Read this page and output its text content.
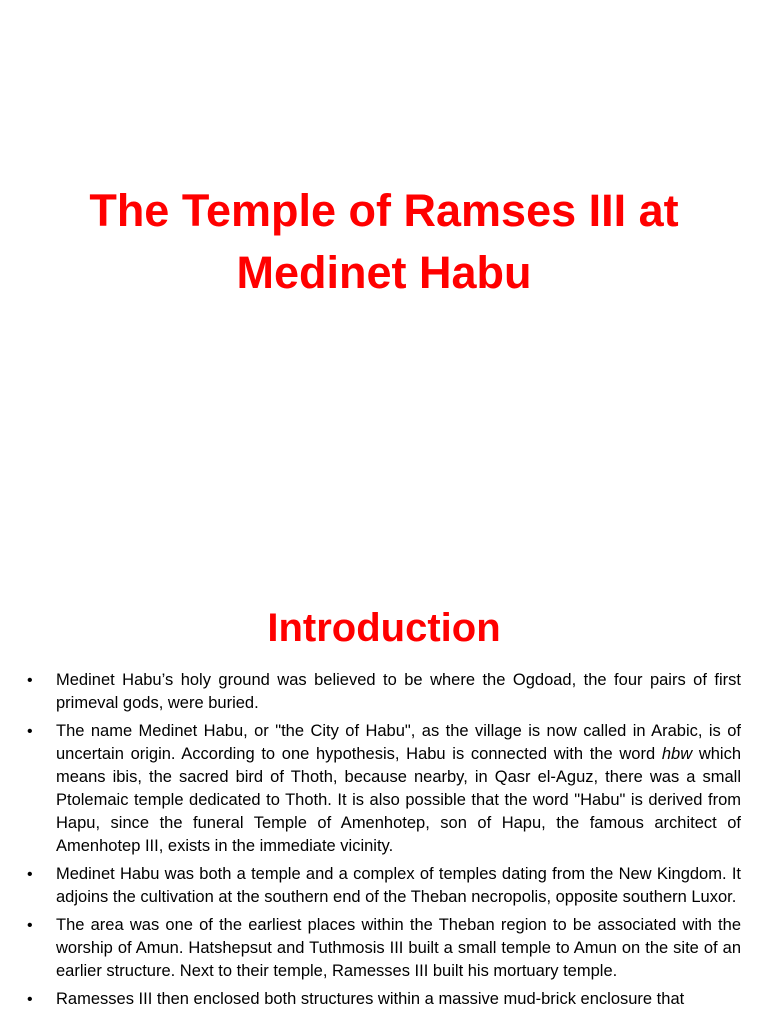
The Temple of Ramses III at
Medinet Habu
Introduction
• Medinet Habu’s holy ground was believed to be where the Ogdoad, the four pairs of first primeval gods, were buried.
• The name Medinet Habu, or "the City of Habu", as the village is now called in Arabic, is of uncertain origin. According to one hypothesis, Habu is connected with the word hbw which means ibis, the sacred bird of Thoth, because nearby, in Qasr el-Aguz, there was a small Ptolemaic temple dedicated to Thoth. It is also possible that the word "Habu" is derived from Hapu, since the funeral Temple of Amenhotep, son of Hapu, the famous architect of Amenhotep III, exists in the immediate vicinity.
• Medinet Habu was both a temple and a complex of temples dating from the New Kingdom. It adjoins the cultivation at the southern end of the Theban necropolis, opposite southern Luxor.
• The area was one of the earliest places within the Theban region to be associated with the worship of Amun. Hatshepsut and Tuthmosis III built a small temple to Amun on the site of an earlier structure. Next to their temple, Ramesses III built his mortuary temple.
• Ramesses III then enclosed both structures within a massive mud-brick enclosure that
